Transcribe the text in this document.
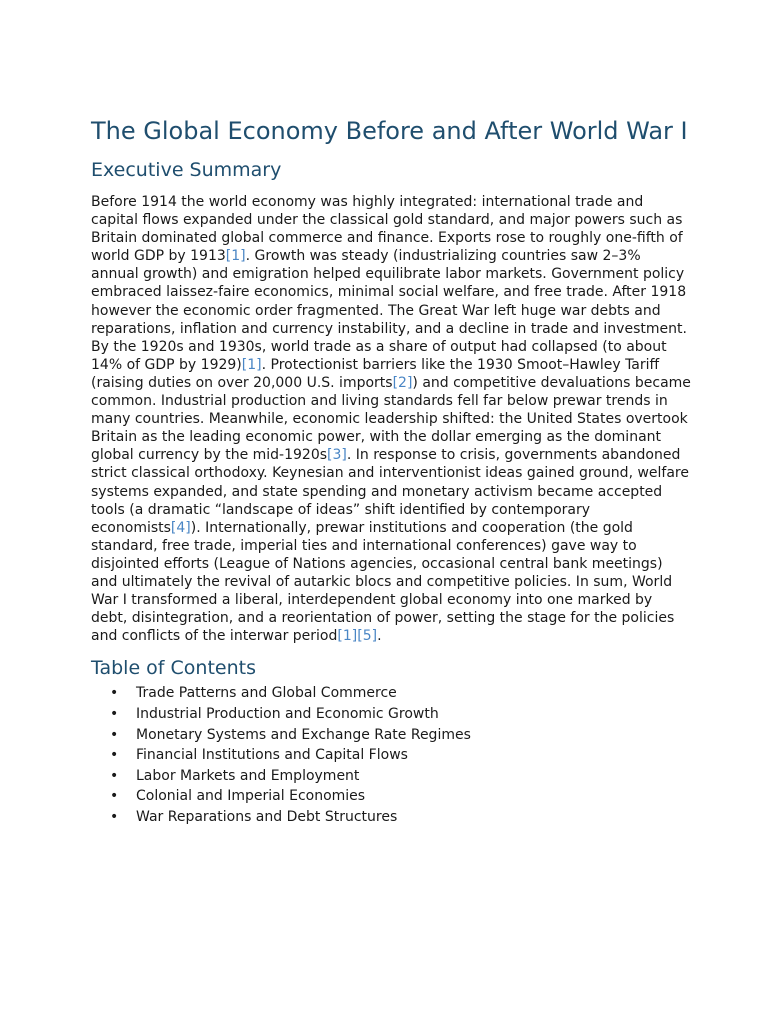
The Global Economy Before and After World War I
Executive Summary

Before 1914 the world economy was highly integrated: international trade and capital flows expanded under the classical gold standard, and major powers such as Britain dominated global commerce and finance. Exports rose to roughly one-fifth of world GDP by 1913[1]. Growth was steady (industrializing countries saw 2–3% annual growth) and emigration helped equilibrate labor markets. Government policy embraced laissez-faire economics, minimal social welfare, and free trade. After 1918 however the economic order fragmented. The Great War left huge war debts and reparations, inflation and currency instability, and a decline in trade and investment. By the 1920s and 1930s, world trade as a share of output had collapsed (to about 14% of GDP by 1929)[1]. Protectionist barriers like the 1930 Smoot–Hawley Tariff (raising duties on over 20,000 U.S. imports[2]) and competitive devaluations became common. Industrial production and living standards fell far below prewar trends in many countries. Meanwhile, economic leadership shifted: the United States overtook Britain as the leading economic power, with the dollar emerging as the dominant global currency by the mid-1920s[3]. In response to crisis, governments abandoned strict classical orthodoxy. Keynesian and interventionist ideas gained ground, welfare systems expanded, and state spending and monetary activism became accepted tools (a dramatic “landscape of ideas” shift identified by contemporary economists[4]). Internationally, prewar institutions and cooperation (the gold standard, free trade, imperial ties and international conferences) gave way to disjointed efforts (League of Nations agencies, occasional central bank meetings) and ultimately the revival of autarkic blocs and competitive policies. In sum, World War I transformed a liberal, interdependent global economy into one marked by debt, disintegration, and a reorientation of power, setting the stage for the policies and conflicts of the interwar period[1][5].

Table of Contents
• Trade Patterns and Global Commerce
• Industrial Production and Economic Growth
• Monetary Systems and Exchange Rate Regimes
• Financial Institutions and Capital Flows
• Labor Markets and Employment
• Colonial and Imperial Economies
• War Reparations and Debt Structures
